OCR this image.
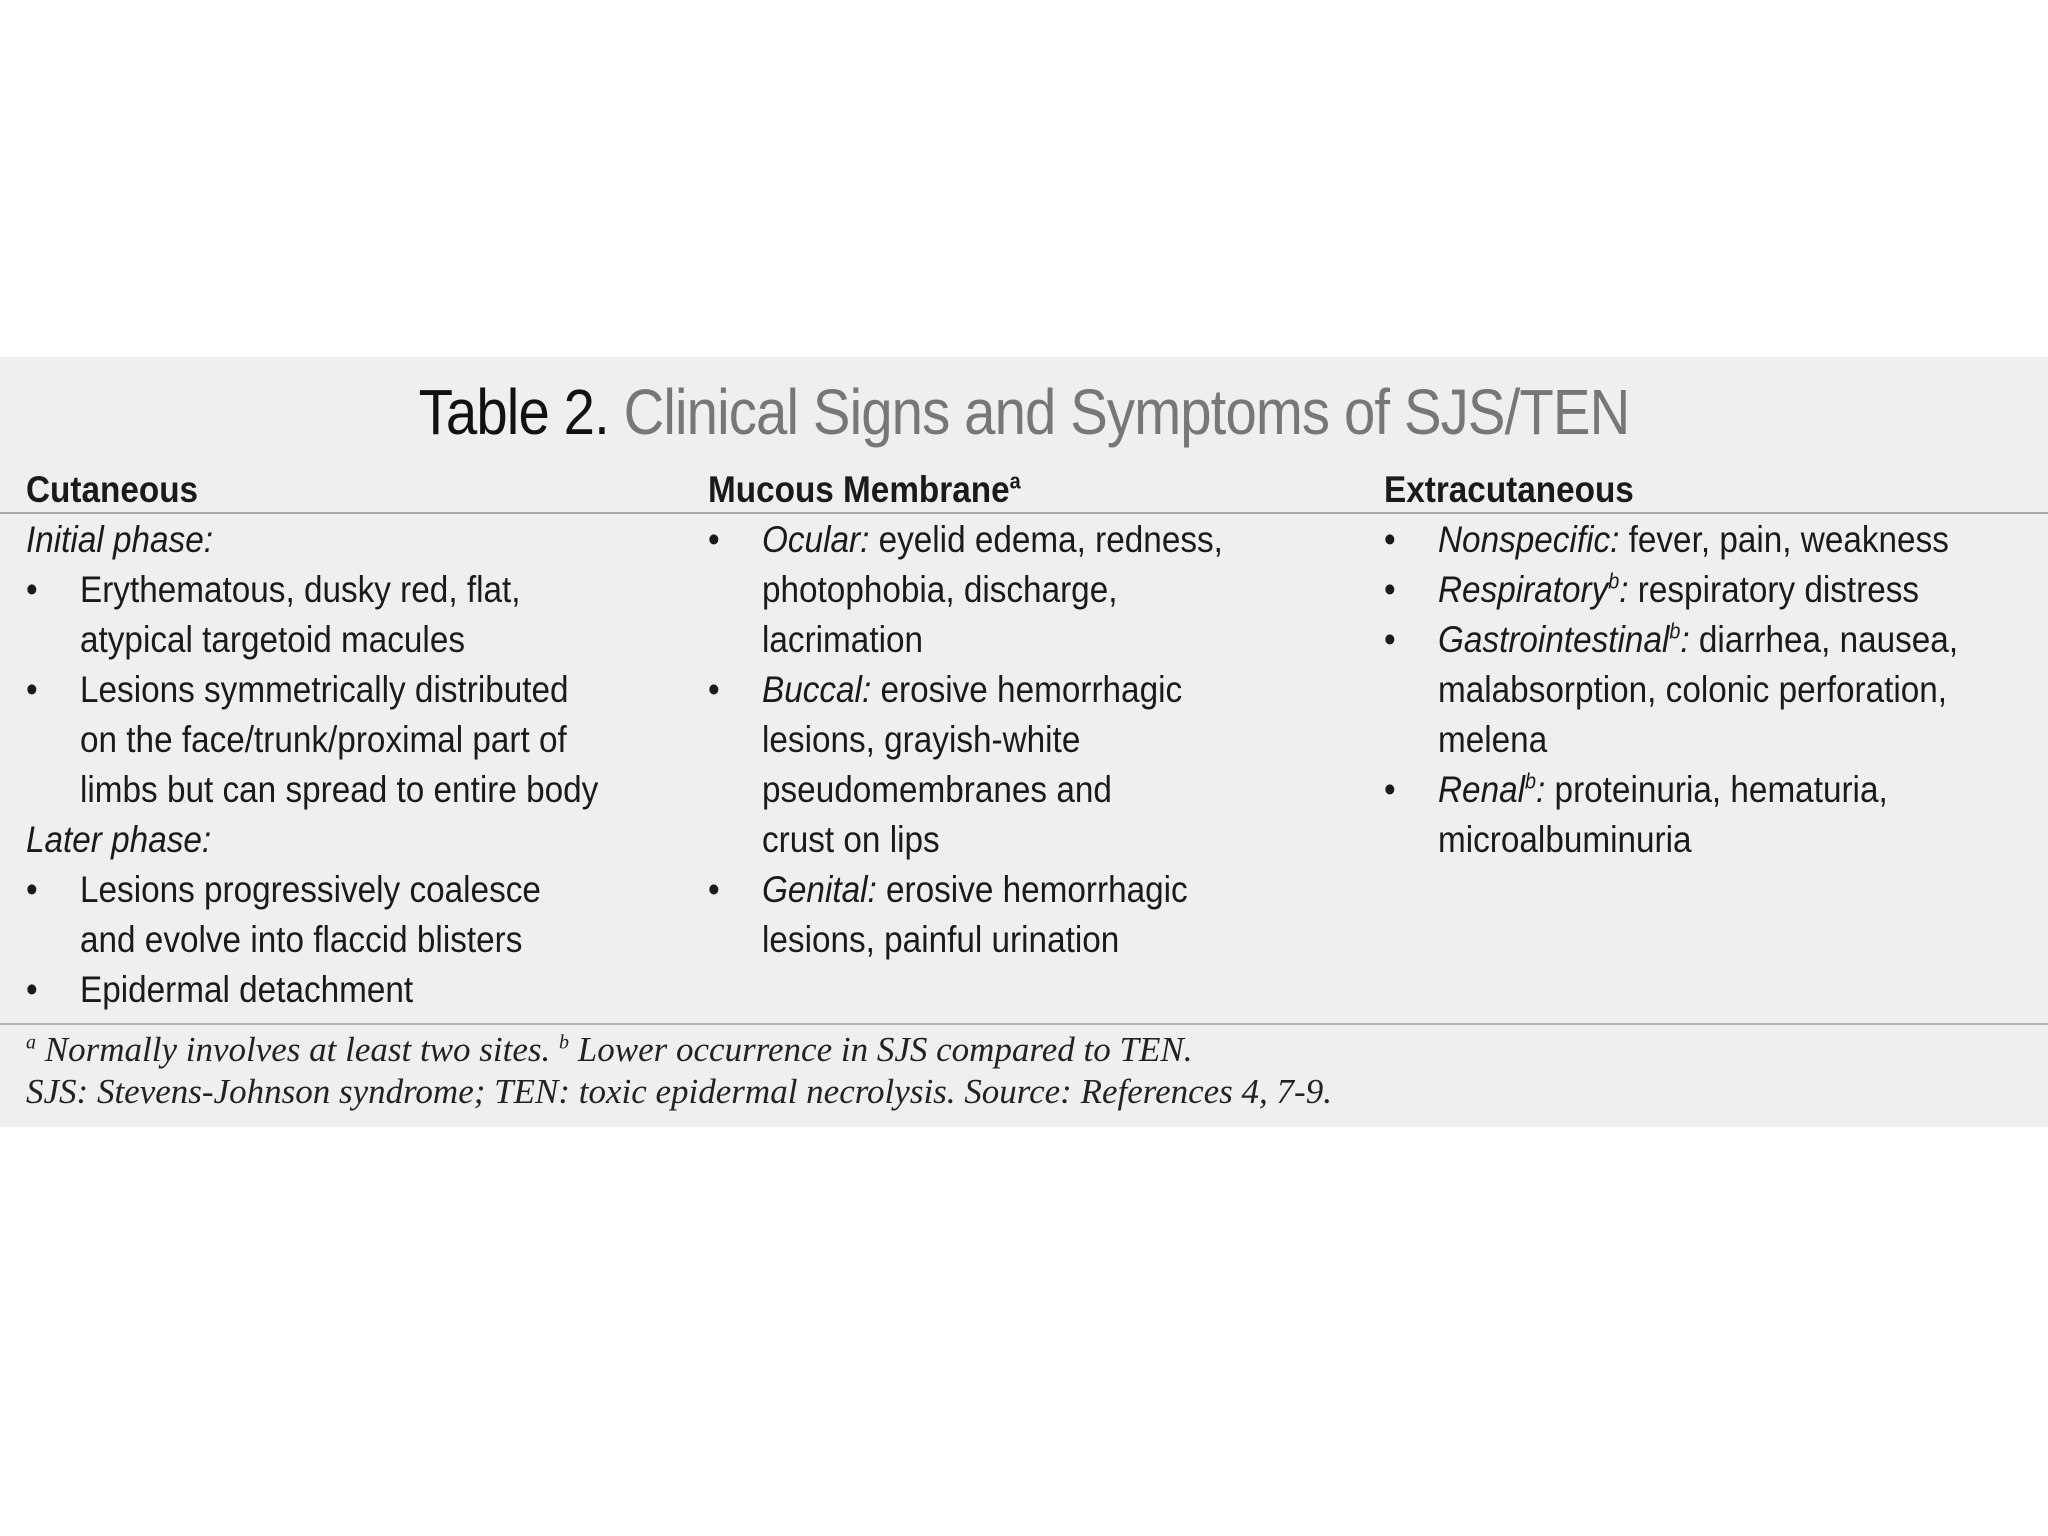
Table 2. Clinical Signs and Symptoms of SJS/TEN
Cutaneous
Initial phase:
•	Erythematous, dusky red, flat,
atypical targetoid macules
•	Lesions symmetrically distributed
on the face/trunk/proximal part of
limbs but can spread to entire body
Later phase:
•	Lesions progressively coalesce
and evolve into flaccid blisters
•	Epidermal detachment
Mucous Membrane$^a$
•	Ocular: eyelid edema, redness,
photophobia, discharge,
lacrimation
•	Buccal: erosive hemorrhagic
lesions, grayish-white
pseudomembranes and
crust on lips
•	Genital: erosive hemorrhagic
lesions, painful urination
Extracutaneous
•	Nonspecific: fever, pain, weakness
•	Respiratory$^b$: respiratory distress
•	Gastrointestinal$^b$: diarrhea, nausea,
malabsorption, colonic perforation,
melena
•	Renal$^b$: proteinuria, hematuria,
microalbuminuria
$^a$ Normally involves at least two sites. $^b$ Lower occurrence in SJS compared to TEN.
SJS: Stevens-Johnson syndrome; TEN: toxic epidermal necrolysis. Source: References 4, 7-9.
